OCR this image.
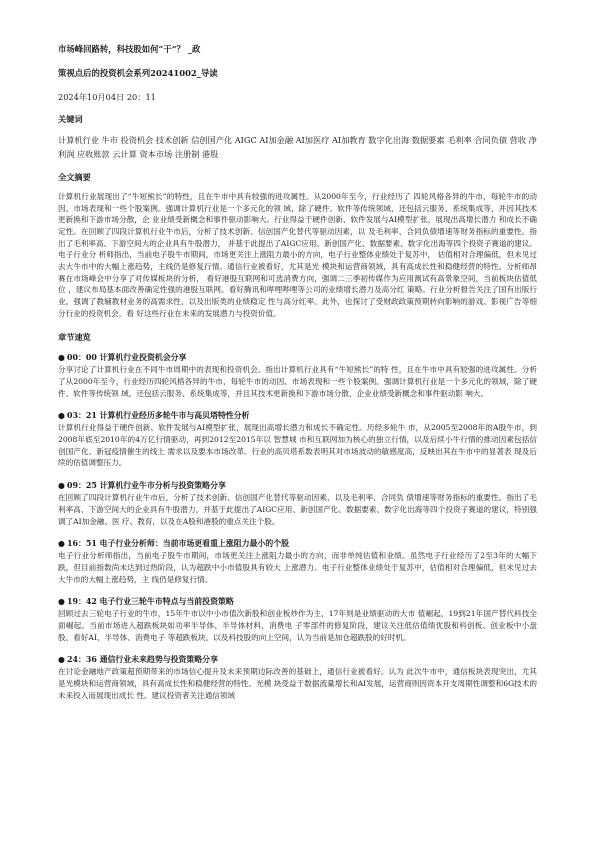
市场峰回路转，科技股如何“干”？ _政

策视点后的投资机会系列20241002_导读

2024年10月04日 20：11

关键词

计算机行业 牛市 投资机会 技术创新 信创国产化 AIGC AI加金融 AI加医疗 AI加教育 数字化出海 数据要素 毛利率 合同负债 营收 净利润 应收账款 云计算 资本市场 注册制 港股

全文摘要

计算机行业展现出了“牛短熊长”的特性，且在牛市中具有较强的进攻属性。从2000年至今，行业经历了 四轮风格各异的牛市，每轮牛市的动因、市场表现和一些个股案例。强调计算机行业是一个多元化的领 域，除了硬件、软件等传统领域，还包括云服务、系统集成等，并因其技术更新换和下游市场分散，企 业业绩受新概念和事件驱动影响大。行业得益于硬件创新、软件发展与AI模型扩张，展现出高增长潜力 和成长不确定性。在回顾了四段计算机行业牛市后，分析了技术创新、信创国产化替代等驱动因素，以 及毛利率、合同负债增速等财务指标的重要性。指出了毛利率高、下游空间大的企业具有牛股潜力， 并基于此提出了AIGC应用、新创国产化、数据要素、数字化出海等四个投资子赛道的建议。电子行业分 析师指出，当前电子股牛市期间，市场更关注上涨阻力最小的方向，电子行业整体业绩处于复苏中， 估值相对合理偏低，但未见过去大牛市中的大幅上涨趋势，主线仍是修复行情。通信行业被看好，尤其是光 模块和运营商领域，具有高成长性和稳健经营的特性。分析师昂赛在市场峰会中分享了对传媒板块的分析， 看好港股互联网和可选消费方向，强调二三季初传媒作为应用测试有高景象空间，当前板块估值低位 ，建议布局基本面改善确定性强的港股互联网。看好腾讯和哔哩哔哩等公司的业绩增长潜力及高分红 策略。行业分析报告关注了国有出版行业，强调了教辅教材业务的高需求性，以及出版类的业绩稳定 性与高分红率。此外，也探讨了受财政政策预期转向影响的游戏、影视广告等细分行业的投资机会，看 好这些行业在未来的发展潜力与投资价值。

章节速览

● 00：00 计算机行业投资机会分享

分享讨论了计算机行业在不同牛市周期中的表现和投资机会。指出计算机行业具有“牛短熊长”的特 性，且在牛市中具有较强的进攻属性。分析了从2000年至今，行业经历四轮风格各异的牛市，每轮牛市的动因、市场表现和一些个股案例。强调计算机行业是一个多元化的领域，除了硬件、软件等传统领 域，还包括云服务、系统集成等，并且其技术更新换和下游市场分散，企业业绩受新概念和事件驱动影 响大。

● 03：21 计算机行业经历多轮牛市与高贝塔特性分析

计算机行业得益于硬件创新、软件发展与AI模型扩张，展现出高增长潜力和成长不确定性。历经多轮牛 市，从2005至2008年的A股牛市，到2008年底至2010年的4万亿行情驱动，再到2012至2015年以 智慧城 市和互联网加为核心的独立行情，以及后续小牛行情的推动因素包括信创国产化、新冠疫情催生的线上 需求以及要本市场改革。行业的高贝塔系数表明其对市场波动的敏感度高，反映出其在牛市中的显著表 现及后续的估值调整压力。

● 09：25 计算机行业牛市分析与投资策略分享

在回顾了四段计算机行业牛市后，分析了技术创新、信创国产化替代等驱动因素，以及毛利率、合同负 债增速等财务指标的重要性。指出了毛利率高、下游空间大的企业具有牛股潜力，并基于此提出了AIGC应用、新创国产化、数据要素、数字化出海等四个投资子赛道的建议，特别强调了AI加金融、医 疗、教育，以及在A股和港股的重点关注个股。

● 16：51 电子行业分析师：当前市场更看重上涨阻力最小的个股

电子行业分析师指出，当前电子股牛市期间，市场更关注上涨阻力最小的方向，而非单纯估值和业绩。虽然电子行业经历了2至3年的大幅下跌，但目前指数尚未达到过热阶段，认为超跌中小市值股具有较大 上涨潜力。电子行业整体业绩处于复苏中，估值相对合理偏低，但未见过去大牛市的大幅上涨趋势，主 线仍是修复行情。

● 19：42 电子行业三轮牛市特点与当前投资策略

回顾过去三轮电子行业的牛市，15年牛市以中小市值次新股和创业板炒作为主，17年则是业绩驱动的大市 值崛起，19到21年国产替代科技全面崛起。当前市场进入超跌板块如功率半导体、半导体材料、消费电 子零部件的修复阶段，建议关注低估值绩优股和科创板、创业板中小盘股，看好AI、半导体、消费电子 等超跌板块，以及科技股的向上空间，认为当前是加仓超跌股的好时机。

● 24：36 通信行业未来趋势与投资策略分享

在讨论金融地产政策超预期带来的市场信心提升及未来预期边际改善的基础上，通信行业被看好。认为 此次牛市中，通信板块表现突出，尤其是光模块和运营商领域，具有高成长性和稳健经营的特性。光模 块受益于数据流量增长和AI发展，运营商则因资本开支周期性调整和6G技术的未来投入而展现出成长 性。建议投资者关注通信领域
